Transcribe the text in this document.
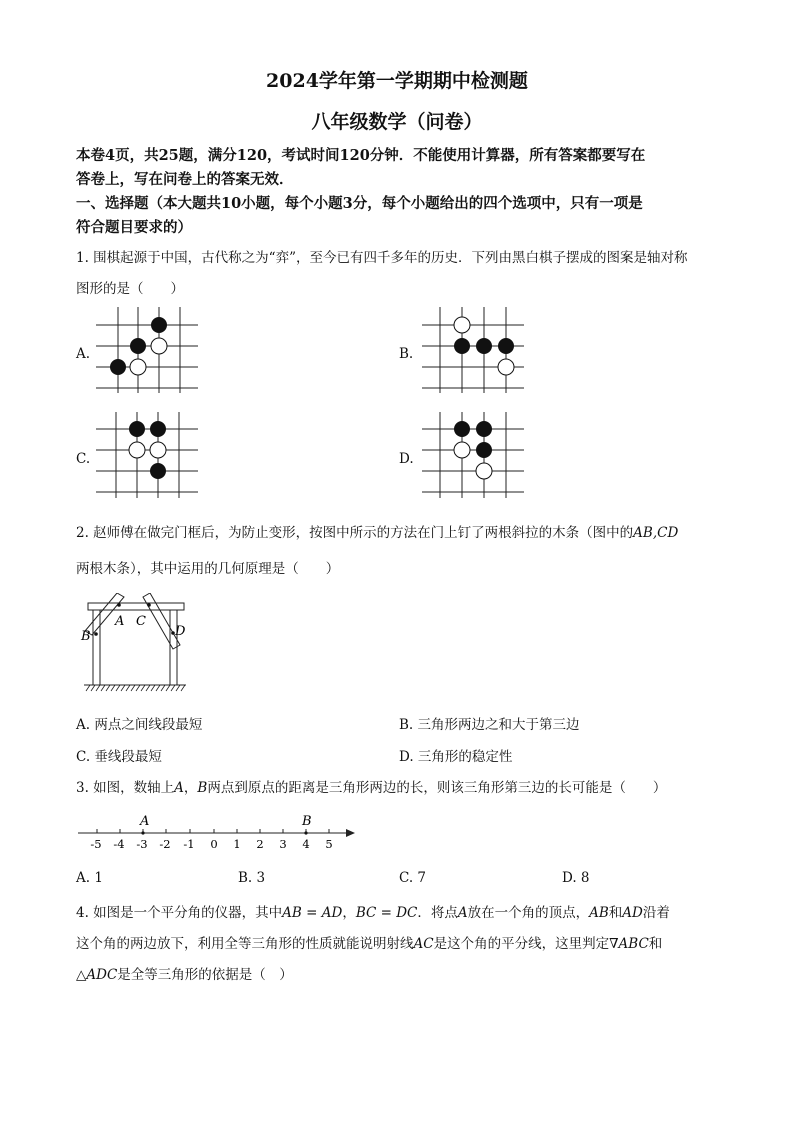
2024学年第一学期期中检测题
八年级数学（问卷）
本卷4页，共25题，满分120，考试时间120分钟．不能使用计算器，所有答案都要写在
答卷上，写在问卷上的答案无效．
一、选择题（本大题共10小题，每个小题3分，每个小题给出的四个选项中，只有一项是
符合题目要求的）
1. 围棋起源于中国，古代称之为“弈”，至今已有四千多年的历史．下列由黑白棋子摆成的图案是轴对称
图形的是（　　）
A.	B.
C.	D.
2. 赵师傅在做完门框后，为防止变形，按图中所示的方法在门上钉了两根斜拉的木条（图中的AB,CD
两根木条），其中运用的几何原理是（　　）
A
B
C
D
A. 两点之间线段最短	B. 三角形两边之和大于第三边
C. 垂线段最短	D. 三角形的稳定性
3. 如图，数轴上A，B两点到原点的距离是三角形两边的长，则该三角形第三边的长可能是（　　）
A	B
-5 -4 -3 -2 -1 0 1 2 3 4 5
A. 1	B. 3	C. 7	D. 8
4. 如图是一个平分角的仪器，其中AB = AD，BC = DC．将点A放在一个角的顶点，AB和AD沿着
这个角的两边放下，利用全等三角形的性质就能说明射线AC是这个角的平分线，这里判定∇ABC和
△ADC是全等三角形的依据是（　）
